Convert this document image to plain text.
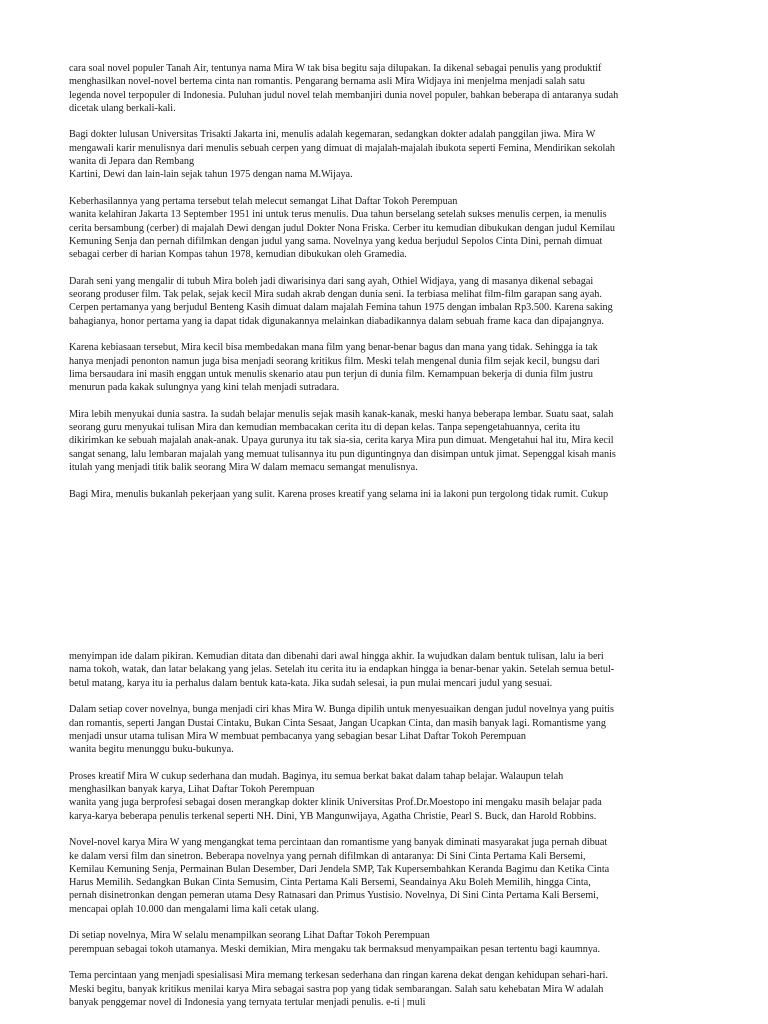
cara soal novel populer Tanah Air, tentunya nama Mira W tak bisa begitu saja dilupakan. Ia dikenal sebagai penulis yang produktif
menghasilkan novel-novel bertema cinta nan romantis. Pengarang bernama asli Mira Widjaya ini menjelma menjadi salah satu
legenda novel terpopuler di Indonesia. Puluhan judul novel telah membanjiri dunia novel populer, bahkan beberapa di antaranya sudah
dicetak ulang berkali-kali.

Bagi dokter lulusan Universitas Trisakti Jakarta ini, menulis adalah kegemaran, sedangkan dokter adalah panggilan jiwa. Mira W
mengawali karir menulisnya dari menulis sebuah cerpen yang dimuat di majalah-majalah ibukota seperti Femina, Mendirikan sekolah
wanita di Jepara dan Rembang
Kartini, Dewi dan lain-lain sejak tahun 1975 dengan nama M.Wijaya.

Keberhasilannya yang pertama tersebut telah melecut semangat Lihat Daftar Tokoh Perempuan
wanita kelahiran Jakarta 13 September 1951 ini untuk terus menulis. Dua tahun berselang setelah sukses menulis cerpen, ia menulis
cerita bersambung (cerber) di majalah Dewi dengan judul Dokter Nona Friska. Cerber itu kemudian dibukukan dengan judul Kemilau
Kemuning Senja dan pernah difilmkan dengan judul yang sama. Novelnya yang kedua berjudul Sepolos Cinta Dini, pernah dimuat
sebagai cerber di harian Kompas tahun 1978, kemudian dibukukan oleh Gramedia.

Darah seni yang mengalir di tubuh Mira boleh jadi diwarisinya dari sang ayah, Othiel Widjaya, yang di masanya dikenal sebagai
seorang produser film. Tak pelak, sejak kecil Mira sudah akrab dengan dunia seni. Ia terbiasa melihat film-film garapan sang ayah.
Cerpen pertamanya yang berjudul Benteng Kasih dimuat dalam majalah Femina tahun 1975 dengan imbalan Rp3.500. Karena saking
bahagianya, honor pertama yang ia dapat tidak digunakannya melainkan diabadikannya dalam sebuah frame kaca dan dipajangnya.

Karena kebiasaan tersebut, Mira kecil bisa membedakan mana film yang benar-benar bagus dan mana yang tidak. Sehingga ia tak
hanya menjadi penonton namun juga bisa menjadi seorang kritikus film. Meski telah mengenal dunia film sejak kecil, bungsu dari
lima bersaudara ini masih enggan untuk menulis skenario atau pun terjun di dunia film. Kemampuan bekerja di dunia film justru
menurun pada kakak sulungnya yang kini telah menjadi sutradara.

Mira lebih menyukai dunia sastra. Ia sudah belajar menulis sejak masih kanak-kanak, meski hanya beberapa lembar. Suatu saat, salah
seorang guru menyukai tulisan Mira dan kemudian membacakan cerita itu di depan kelas. Tanpa sepengetahuannya, cerita itu
dikirimkan ke sebuah majalah anak-anak. Upaya gurunya itu tak sia-sia, cerita karya Mira pun dimuat. Mengetahui hal itu, Mira kecil
sangat senang, lalu lembaran majalah yang memuat tulisannya itu pun diguntingnya dan disimpan untuk jimat. Sepenggal kisah manis
itulah yang menjadi titik balik seorang Mira W dalam memacu semangat menulisnya.

Bagi Mira, menulis bukanlah pekerjaan yang sulit. Karena proses kreatif yang selama ini ia lakoni pun tergolong tidak rumit. Cukup

menyimpan ide dalam pikiran. Kemudian ditata dan dibenahi dari awal hingga akhir. Ia wujudkan dalam bentuk tulisan, lalu ia beri
nama tokoh, watak, dan latar belakang yang jelas. Setelah itu cerita itu ia endapkan hingga ia benar-benar yakin. Setelah semua betul-
betul matang, karya itu ia perhalus dalam bentuk kata-kata. Jika sudah selesai, ia pun mulai mencari judul yang sesuai.

Dalam setiap cover novelnya, bunga menjadi ciri khas Mira W. Bunga dipilih untuk menyesuaikan dengan judul novelnya yang puitis
dan romantis, seperti Jangan Dustai Cintaku, Bukan Cinta Sesaat, Jangan Ucapkan Cinta, dan masih banyak lagi. Romantisme yang
menjadi unsur utama tulisan Mira W membuat pembacanya yang sebagian besar Lihat Daftar Tokoh Perempuan
wanita begitu menunggu buku-bukunya.

Proses kreatif Mira W cukup sederhana dan mudah. Baginya, itu semua berkat bakat dalam tahap belajar. Walaupun telah
menghasilkan banyak karya, Lihat Daftar Tokoh Perempuan
wanita yang juga berprofesi sebagai dosen merangkap dokter klinik Universitas Prof.Dr.Moestopo ini mengaku masih belajar pada
karya-karya beberapa penulis terkenal seperti NH. Dini, YB Mangunwijaya, Agatha Christie, Pearl S. Buck, dan Harold Robbins.

Novel-novel karya Mira W yang mengangkat tema percintaan dan romantisme yang banyak diminati masyarakat juga pernah dibuat
ke dalam versi film dan sinetron. Beberapa novelnya yang pernah difilmkan di antaranya: Di Sini Cinta Pertama Kali Bersemi,
Kemilau Kemuning Senja, Permainan Bulan Desember, Dari Jendela SMP, Tak Kupersembahkan Keranda Bagimu dan Ketika Cinta
Harus Memilih. Sedangkan Bukan Cinta Semusim, Cinta Pertama Kali Bersemi, Seandainya Aku Boleh Memilih, hingga Cinta,
pernah disinetronkan dengan pemeran utama Desy Ratnasari dan Primus Yustisio. Novelnya, Di Sini Cinta Pertama Kali Bersemi,
mencapai oplah 10.000 dan mengalami lima kali cetak ulang.

Di setiap novelnya, Mira W selalu menampilkan seorang Lihat Daftar Tokoh Perempuan
perempuan sebagai tokoh utamanya. Meski demikian, Mira mengaku tak bermaksud menyampaikan pesan tertentu bagi kaumnya.

Tema percintaan yang menjadi spesialisasi Mira memang terkesan sederhana dan ringan karena dekat dengan kehidupan sehari-hari.
Meski begitu, banyak kritikus menilai karya Mira sebagai sastra pop yang tidak sembarangan. Salah satu kehebatan Mira W adalah
banyak penggemar novel di Indonesia yang ternyata tertular menjadi penulis. e-ti | muli
